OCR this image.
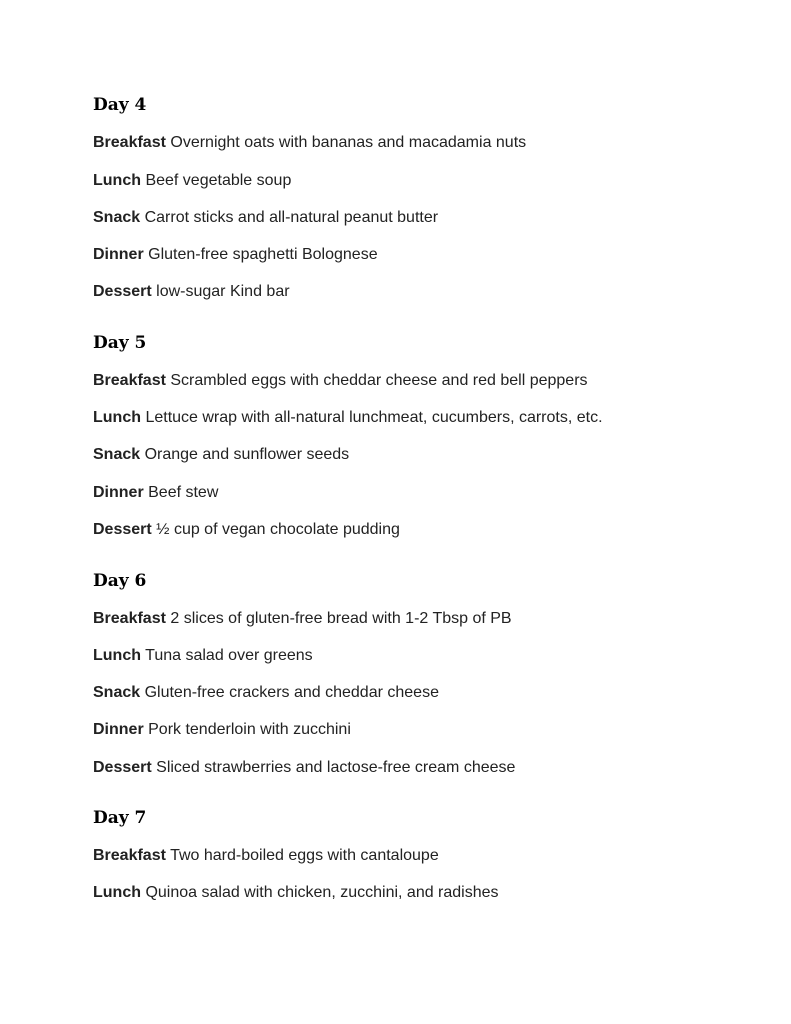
Day 4

Breakfast Overnight oats with bananas and macadamia nuts

Lunch Beef vegetable soup

Snack Carrot sticks and all-natural peanut butter

Dinner Gluten-free spaghetti Bolognese

Dessert low-sugar Kind bar

Day 5

Breakfast Scrambled eggs with cheddar cheese and red bell peppers

Lunch Lettuce wrap with all-natural lunchmeat, cucumbers, carrots, etc.

Snack Orange and sunflower seeds

Dinner Beef stew

Dessert ½ cup of vegan chocolate pudding

Day 6

Breakfast 2 slices of gluten-free bread with 1-2 Tbsp of PB

Lunch Tuna salad over greens

Snack Gluten-free crackers and cheddar cheese

Dinner Pork tenderloin with zucchini

Dessert Sliced strawberries and lactose-free cream cheese

Day 7

Breakfast Two hard-boiled eggs with cantaloupe

Lunch Quinoa salad with chicken, zucchini, and radishes
